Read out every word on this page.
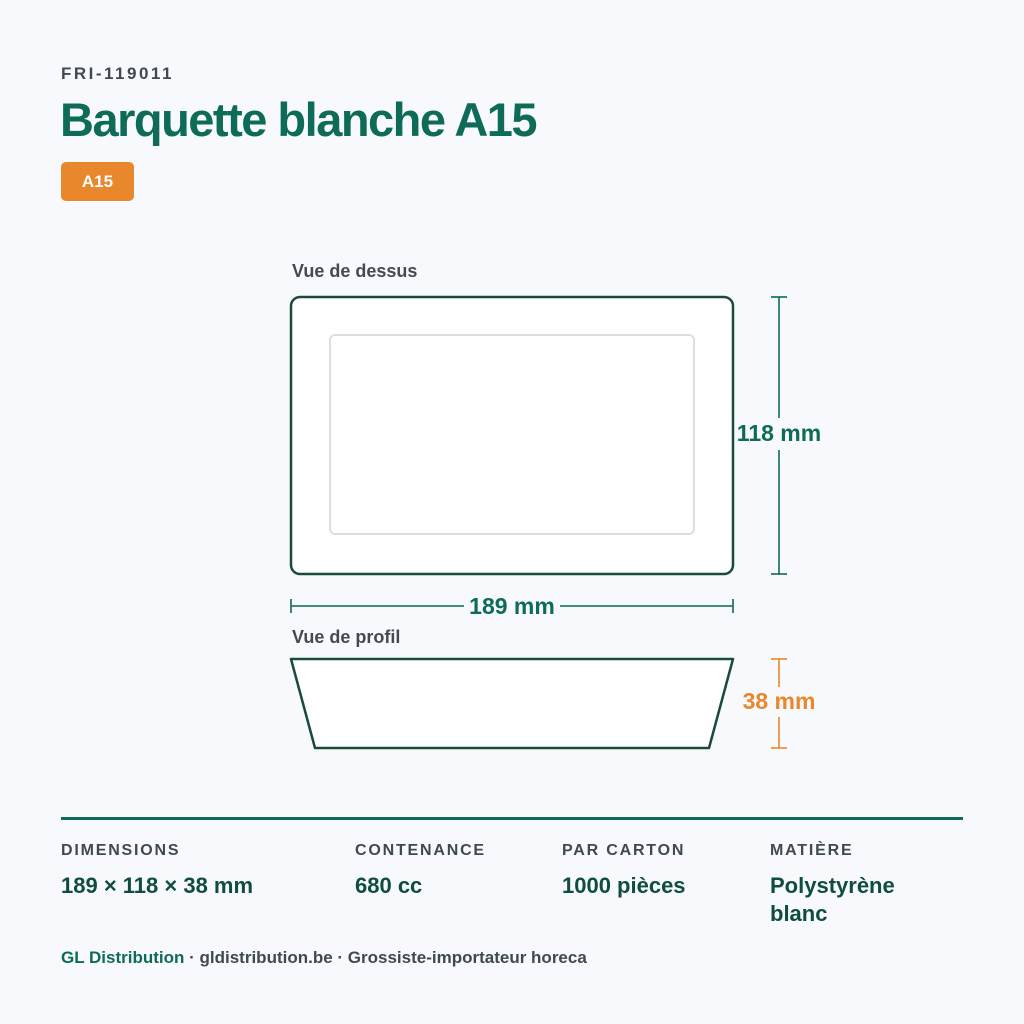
FRI-119011
Barquette blanche A15
A15
Vue de dessus
Vue de profil
118 mm
189 mm
38 mm
DIMENSIONS
189 × 118 × 38 mm
CONTENANCE
680 cc
PAR CARTON
1000 pièces
MATIÈRE
Polystyrène blanc
GL Distribution · gldistribution.be · Grossiste-importateur horeca
